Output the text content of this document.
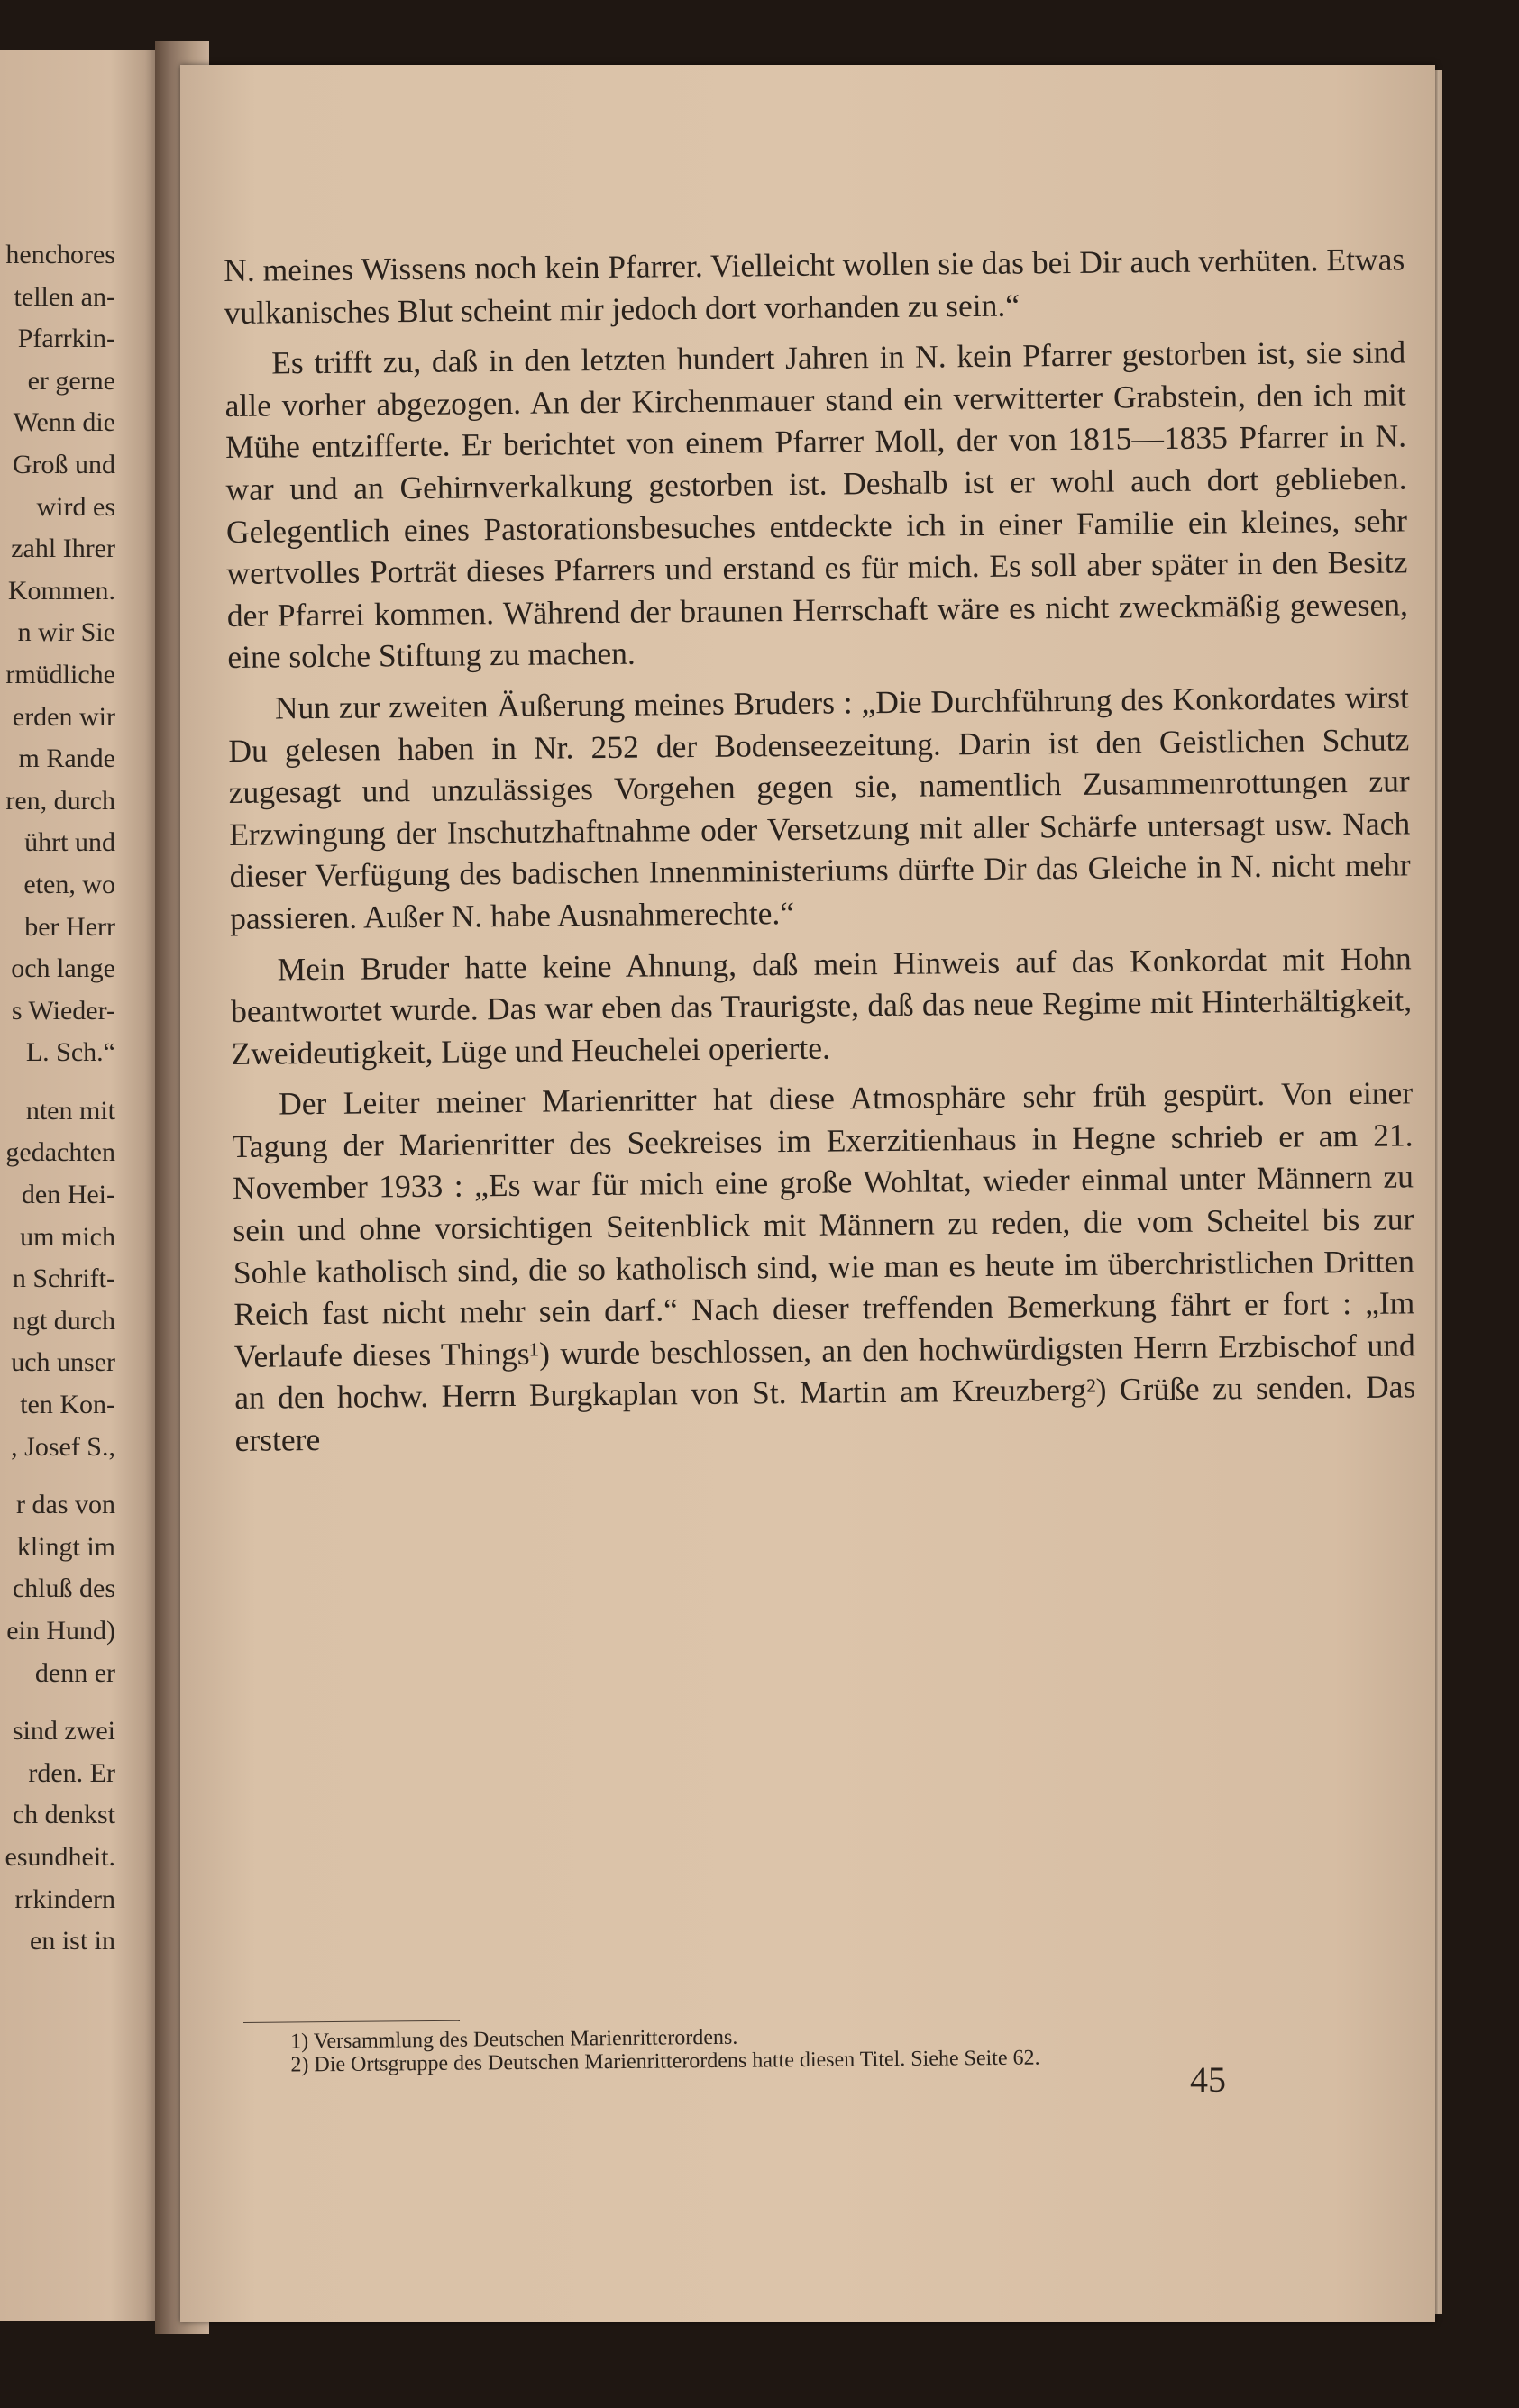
henchores
tellen an-
Pfarrkin-
er gerne
Wenn die
Groß und
wird es
zahl Ihrer
Kommen.
n wir Sie
rmüdliche
erden wir
m Rande
ren, durch
ührt und
eten, wo
ber Herr
och lange
s Wieder-
L. Sch.“
nten mit
gedachten
den Hei-
um mich
n Schrift-
ngt durch
uch unser
ten Kon-
, Josef S.,
r das von
klingt im
chluß des
ein Hund)
denn er
sind zwei
rden. Er
ch denkst
esundheit.
rrkindern
en ist in

N. meines Wissens noch kein Pfarrer. Vielleicht wollen sie das bei Dir auch verhüten. Etwas vulkanisches Blut scheint mir jedoch dort vorhanden zu sein.“

Es trifft zu, daß in den letzten hundert Jahren in N. kein Pfarrer gestorben ist, sie sind alle vorher abgezogen. An der Kirchenmauer stand ein verwitterter Grabstein, den ich mit Mühe entzifferte. Er berichtet von einem Pfarrer Moll, der von 1815—1835 Pfarrer in N. war und an Gehirnverkalkung gestorben ist. Deshalb ist er wohl auch dort geblieben. Gelegentlich eines Pastorationsbesuches entdeckte ich in einer Familie ein kleines, sehr wertvolles Porträt dieses Pfarrers und erstand es für mich. Es soll aber später in den Besitz der Pfarrei kommen. Während der braunen Herrschaft wäre es nicht zweckmäßig gewesen, eine solche Stiftung zu machen.

Nun zur zweiten Äußerung meines Bruders : „Die Durchführung des Konkordates wirst Du gelesen haben in Nr. 252 der Bodenseezeitung. Darin ist den Geistlichen Schutz zugesagt und unzulässiges Vorgehen gegen sie, namentlich Zusammenrottungen zur Erzwingung der Inschutzhaftnahme oder Versetzung mit aller Schärfe untersagt usw. Nach dieser Verfügung des badischen Innenministeriums dürfte Dir das Gleiche in N. nicht mehr passieren. Außer N. habe Ausnahmerechte.“

Mein Bruder hatte keine Ahnung, daß mein Hinweis auf das Konkordat mit Hohn beantwortet wurde. Das war eben das Traurigste, daß das neue Regime mit Hinterhältigkeit, Zweideutigkeit, Lüge und Heuchelei operierte.

Der Leiter meiner Marienritter hat diese Atmosphäre sehr früh gespürt. Von einer Tagung der Marienritter des Seekreises im Exerzitienhaus in Hegne schrieb er am 21. November 1933 : „Es war für mich eine große Wohltat, wieder einmal unter Männern zu sein und ohne vorsichtigen Seitenblick mit Männern zu reden, die vom Scheitel bis zur Sohle katholisch sind, die so katholisch sind, wie man es heute im überchristlichen Dritten Reich fast nicht mehr sein darf.“ Nach dieser treffenden Bemerkung fährt er fort : „Im Verlaufe dieses Things¹) wurde beschlossen, an den hochwürdigsten Herrn Erzbischof und an den hochw. Herrn Burgkaplan von St. Martin am Kreuzberg²) Grüße zu senden. Das erstere

1) Versammlung des Deutschen Marienritterordens.

2) Die Ortsgruppe des Deutschen Marienritterordens hatte diesen Titel. Siehe Seite 62.	45
